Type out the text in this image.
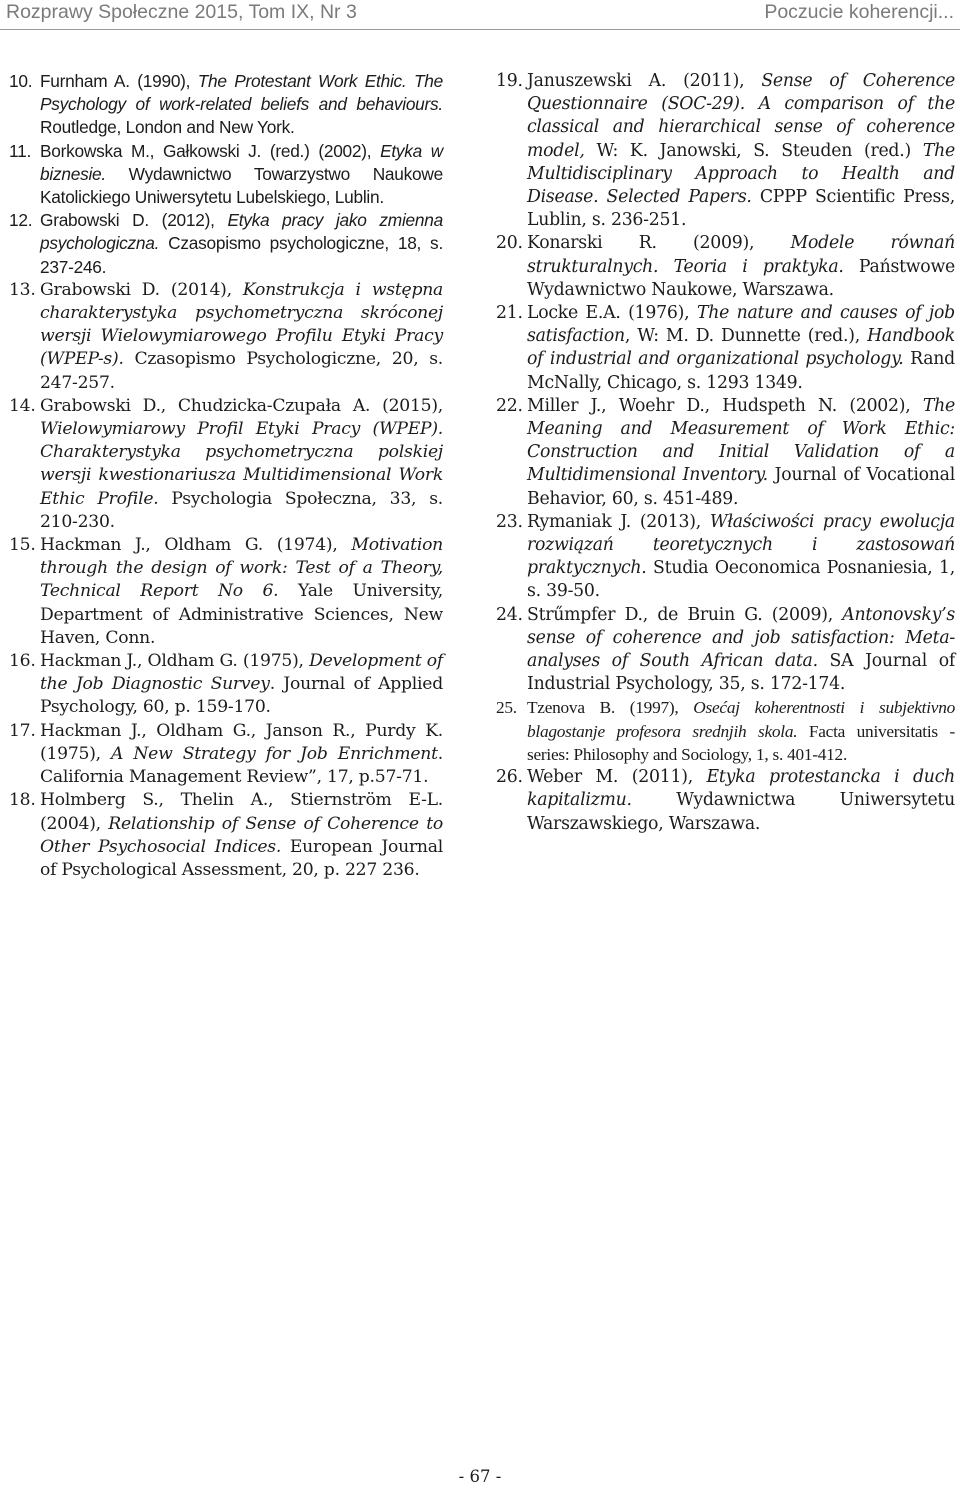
Rozprawy Społeczne 2015, Tom IX, Nr 3	Poczucie koherencji...
10. Furnham A. (1990), The Protestant Work Ethic. The Psychology of work-related beliefs and behaviours. Routledge, London and New York.
11. Borkowska M., Gałkowski J. (red.) (2002), Etyka w biznesie. Wydawnictwo Towarzystwo Naukowe Katolickiego Uniwersytetu Lubelskiego, Lublin.
12. Grabowski D. (2012), Etyka pracy jako zmienna psychologiczna. Czasopismo psychologiczne, 18, s. 237-246.
13. Grabowski D. (2014), Konstrukcja i wstępna charakterystyka psychometryczna skróconej wersji Wielowymiarowego Profilu Etyki Pracy (WPEP-s). Czasopismo Psychologiczne, 20, s. 247-257.
14. Grabowski D., Chudzicka-Czupała A. (2015), Wielowymiarowy Profil Etyki Pracy (WPEP). Charakterystyka psychometryczna polskiej wersji kwestionariusza Multidimensional Work Ethic Profile. Psychologia Społeczna, 33, s. 210-230.
15. Hackman J., Oldham G. (1974), Motivation through the design of work: Test of a Theory, Technical Report No 6. Yale University, Department of Administrative Sciences, New Haven, Conn.
16. Hackman J., Oldham G. (1975), Development of the Job Diagnostic Survey. Journal of Applied Psychology, 60, p. 159-170.
17. Hackman J., Oldham G., Janson R., Purdy K. (1975), A New Strategy for Job Enrichment. California Management Review”, 17, p.57-71.
18. Holmberg S., Thelin A., Stiernström E-L. (2004), Relationship of Sense of Coherence to Other Psychosocial Indices. European Journal of Psychological Assessment, 20, p. 227 236.
19. Januszewski A. (2011), Sense of Coherence Questionnaire (SOC-29). A comparison of the classical and hierarchical sense of coherence model, W: K. Janowski, S. Steuden (red.) The Multidisciplinary Approach to Health and Disease. Selected Papers. CPPP Scientific Press, Lublin, s. 236-251.
20. Konarski R. (2009), Modele równań strukturalnych. Teoria i praktyka. Państwowe Wydawnictwo Naukowe, Warszawa.
21. Locke E.A. (1976), The nature and causes of job satisfaction, W: M. D. Dunnette (red.), Handbook of industrial and organizational psychology. Rand McNally, Chicago, s. 1293 1349.
22. Miller J., Woehr D., Hudspeth N. (2002), The Meaning and Measurement of Work Ethic: Construction and Initial Validation of a Multidimensional Inventory. Journal of Vocational Behavior, 60, s. 451-489.
23. Rymaniak J. (2013), Właściwości pracy ewolucja rozwiązań teoretycznych i zastosowań praktycznych. Studia Oeconomica Posnaniesia, 1, s. 39-50.
24. Strűmpfer D., de Bruin G. (2009), Antonovsky’s sense of coherence and job satisfaction: Meta-analyses of South African data. SA Journal of Industrial Psychology, 35, s. 172-174.
25. Tzenova B. (1997), Osećaj koherentnosti i subjektivno blagostanje profesora srednjih skola. Facta universitatis - series: Philosophy and Sociology, 1, s. 401-412.
26. Weber M. (2011), Etyka protestancka i duch kapitalizmu. Wydawnictwa Uniwersytetu Warszawskiego, Warszawa.
- 67 -
